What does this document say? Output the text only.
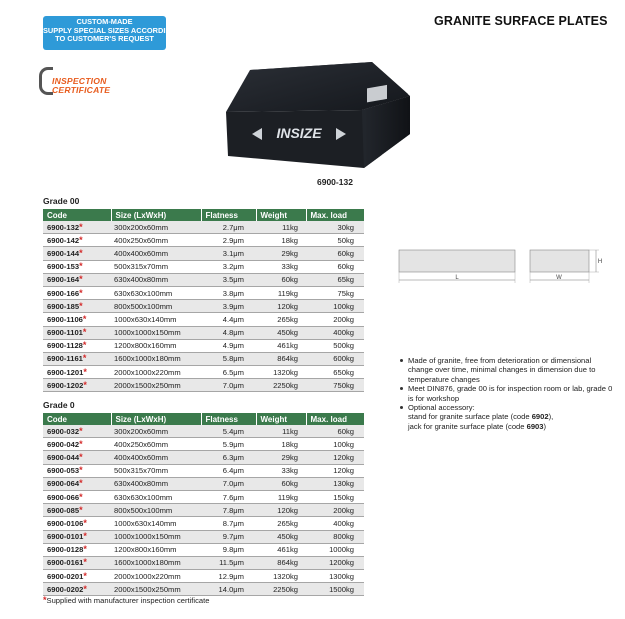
CUSTOM-MADE
SUPPLY SPECIAL SIZES ACCORDING
TO CUSTOMER'S REQUEST
GRANITE SURFACE PLATES
INSPECTION
CERTIFICATE
INSIZE
6900-132
Grade 00
Code	Size (LxWxH)	Flatness	Weight	Max. load
6900-132*	300x200x60mm	2.7μm	11kg	30kg
6900-142*	400x250x60mm	2.9μm	18kg	50kg
6900-144*	400x400x60mm	3.1μm	29kg	60kg
6900-153*	500x315x70mm	3.2μm	33kg	60kg
6900-164*	630x400x80mm	3.5μm	60kg	65kg
6900-166*	630x630x100mm	3.8μm	119kg	75kg
6900-185*	800x500x100mm	3.9μm	120kg	100kg
6900-1106*	1000x630x140mm	4.4μm	265kg	200kg
6900-1101*	1000x1000x150mm	4.8μm	450kg	400kg
6900-1128*	1200x800x160mm	4.9μm	461kg	500kg
6900-1161*	1600x1000x180mm	5.8μm	864kg	600kg
6900-1201*	2000x1000x220mm	6.5μm	1320kg	650kg
6900-1202*	2000x1500x250mm	7.0μm	2250kg	750kg
Grade 0
Code	Size (LxWxH)	Flatness	Weight	Max. load
6900-032*	300x200x60mm	5.4μm	11kg	60kg
6900-042*	400x250x60mm	5.9μm	18kg	100kg
6900-044*	400x400x60mm	6.3μm	29kg	120kg
6900-053*	500x315x70mm	6.4μm	33kg	120kg
6900-064*	630x400x80mm	7.0μm	60kg	130kg
6900-066*	630x630x100mm	7.6μm	119kg	150kg
6900-085*	800x500x100mm	7.8μm	120kg	200kg
6900-0106*	1000x630x140mm	8.7μm	265kg	400kg
6900-0101*	1000x1000x150mm	9.7μm	450kg	800kg
6900-0128*	1200x800x160mm	9.8μm	461kg	1000kg
6900-0161*	1600x1000x180mm	11.5μm	864kg	1200kg
6900-0201*	2000x1000x220mm	12.9μm	1320kg	1300kg
6900-0202*	2000x1500x250mm	14.0μm	2250kg	1500kg
*Supplied with manufacturer inspection certificate
L	W
H
Made of granite, free from deterioration or dimensional change over time, minimal changes in dimension due to temperature changes
Meet DIN876, grade 00 is for inspection room or lab, grade 0 is for workshop
Optional accessory:
stand for granite surface plate (code 6902),
jack for granite surface plate (code 6903)
